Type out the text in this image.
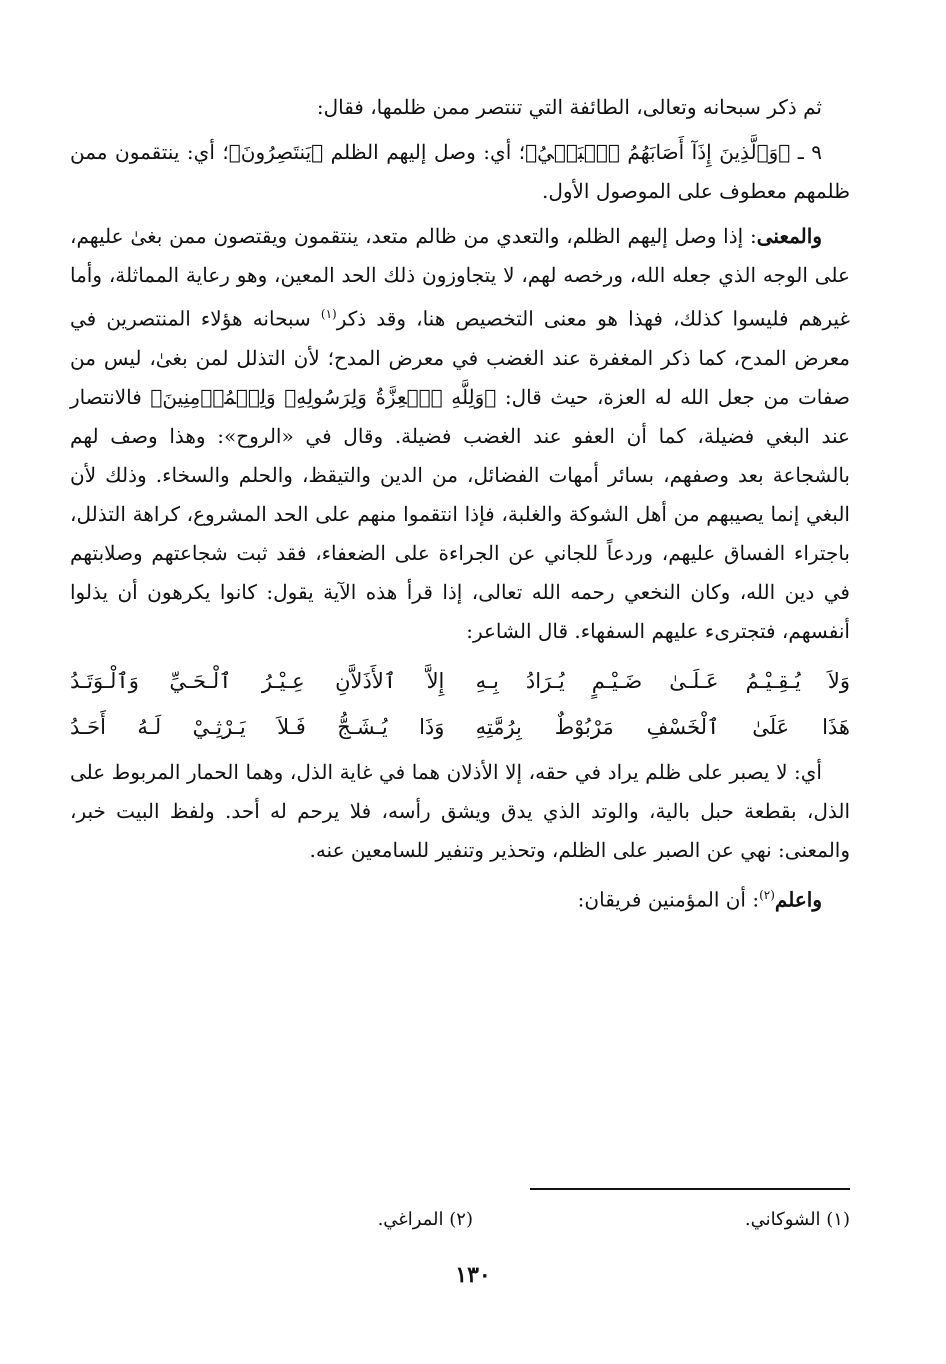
ثم ذكر سبحانه وتعالى، الطائفة التي تنتصر ممن ظلمها، فقال:

٩ ـ ﴿وَٱلَّذِينَ إِذَآ أَصَابَهُمُ ٱلۡبَغۡيُ﴾؛ أي: وصل إليهم الظلم ﴿يَنتَصِرُونَ﴾؛ أي: ينتقمون ممن ظلمهم معطوف على الموصول الأول.

والمعنى: إذا وصل إليهم الظلم، والتعدي من ظالم متعد، ينتقمون ويقتصون ممن بغىٰ عليهم، على الوجه الذي جعله الله، ورخصه لهم، لا يتجاوزون ذلك الحد المعين، وهو رعاية المماثلة، وأما غيرهم فليسوا كذلك، فهذا هو معنى التخصيص هنا، وقد ذكر$^{(١)}$ سبحانه هؤلاء المنتصرين في معرض المدح، كما ذكر المغفرة عند الغضب في معرض المدح؛ لأن التذلل لمن بغىٰ، ليس من صفات من جعل الله له العزة، حيث قال: ﴿وَلِلَّهِ ٱلۡعِزَّةُ وَلِرَسُولِهِۦ وَلِلۡمُؤۡمِنِينَ﴾ فالانتصار عند البغي فضيلة، كما أن العفو عند الغضب فضيلة. وقال في «الروح»: وهذا وصف لهم بالشجاعة بعد وصفهم، بسائر أمهات الفضائل، من الدين والتيقظ، والحلم والسخاء. وذلك لأن البغي إنما يصيبهم من أهل الشوكة والغلبة، فإذا انتقموا منهم على الحد المشروع، كراهة التذلل، باجتراء الفساق عليهم، وردعاً للجاني عن الجراءة على الضعفاء، فقد ثبت شجاعتهم وصلابتهم في دين الله، وكان النخعي رحمه الله تعالى، إذا قرأ هذه الآية يقول: كانوا يكرهون أن يذلوا أنفسهم، فتجترىء عليهم السفهاء. قال الشاعر:

وَلاَ يُـقِـيْـمُ عَـلَـىٰ ضَـيْـمٍ يُـرَادُ بِـهِ
إِلاَّ ٱلأَذَلاَّنِ عِـيْـرُ ٱلْـحَـيِّ وَٱلْـوَتَـدُ
هَذَا عَلَىٰ ٱلْخَسْفِ مَرْبُوْطٌ بِرُمَّتِهِ
وَذَا يُـشَـجُّ فَـلاَ يَـرْثِـيْ لَـهُ أَحَـدُ

أي: لا يصبر على ظلم يراد في حقه، إلا الأذلان هما في غاية الذل، وهما الحمار المربوط على الذل، بقطعة حبل بالية، والوتد الذي يدق ويشق رأسه، فلا يرحم له أحد. ولفظ البيت خبر، والمعنى: نهي عن الصبر على الظلم، وتحذير وتنفير للسامعين عنه.

واعلم$^{(٢)}$: أن المؤمنين فريقان:

(١) الشوكاني.
(٢) المراغي.
١٣٠
